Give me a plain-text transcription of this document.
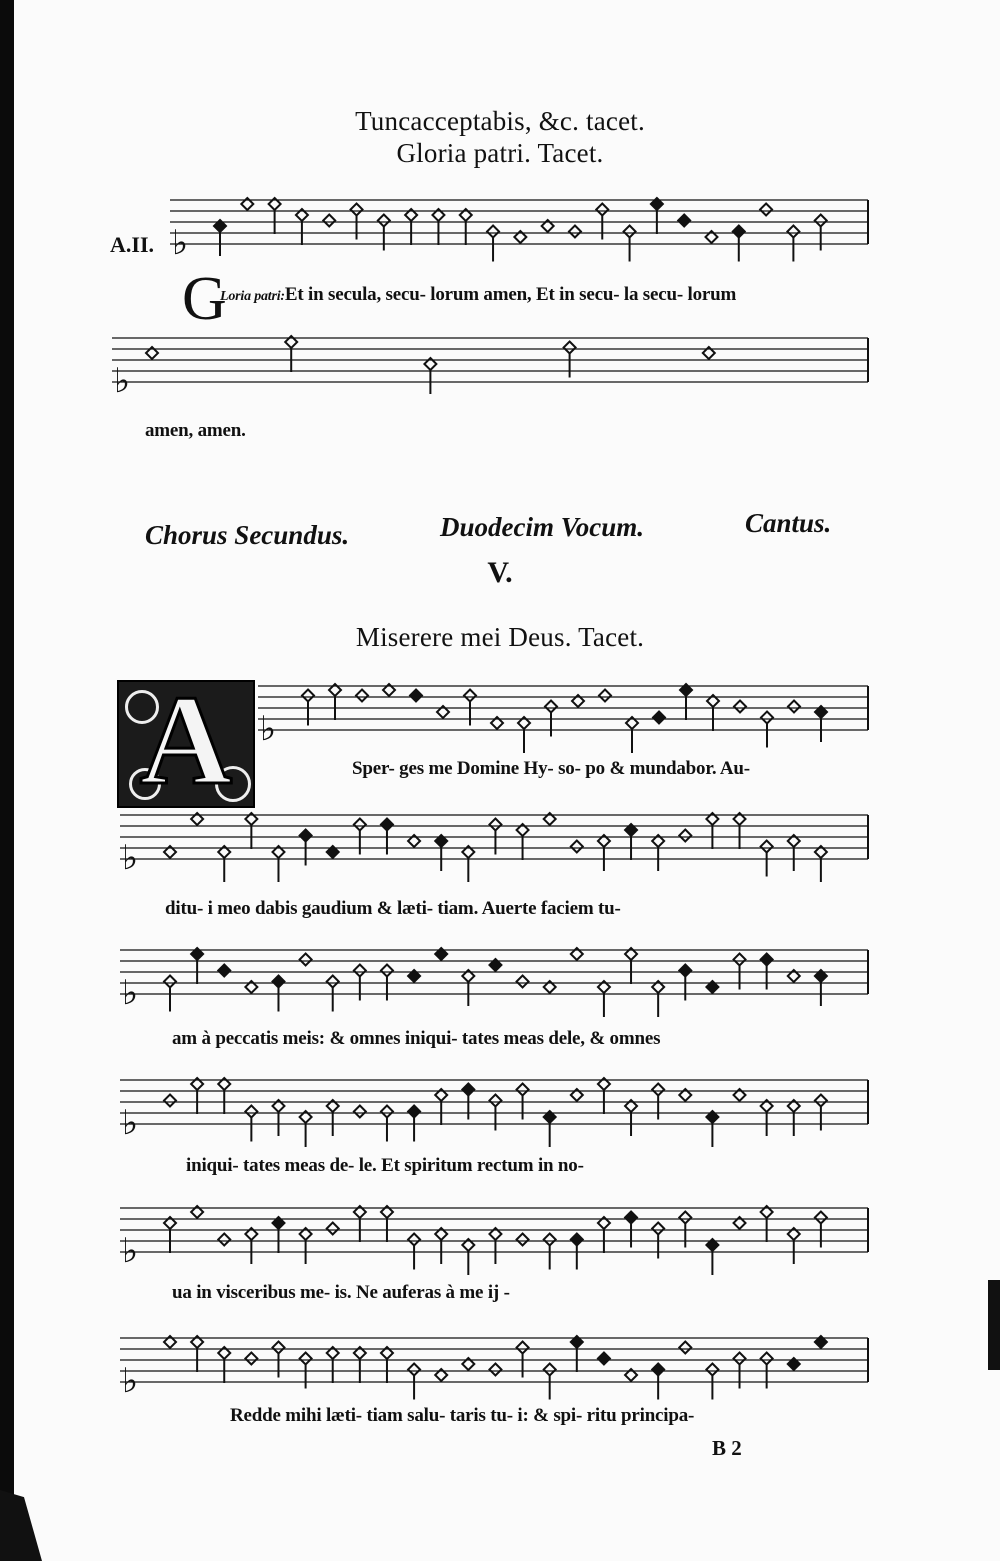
Tuncacceptabis, &c. tacet.
Gloria patri. Tacet.
A.II. ♭
♭
♭
♭
♭
♭
♭
♭
G
Loria patri:Et in secula, secu- lorum amen, Et in secu- la secu- lorum
amen, amen.
Chorus Secundus.	Duodecim Vocum.	Cantus.
V.
Miserere mei Deus. Tacet.
A	Sper- ges me Domine Hy- so- po & mundabor. Au-
ditu- i meo dabis gaudium & læti- tiam. Auerte faciem tu-
am à peccatis meis: & omnes iniqui- tates meas dele, & omnes
iniqui- tates meas de- le. Et spiritum rectum in no-
ua in visceribus me- is. Ne auferas à me ij -
Redde mihi læti- tiam salu- taris tu- i: & spi- ritu principa-
B 2
